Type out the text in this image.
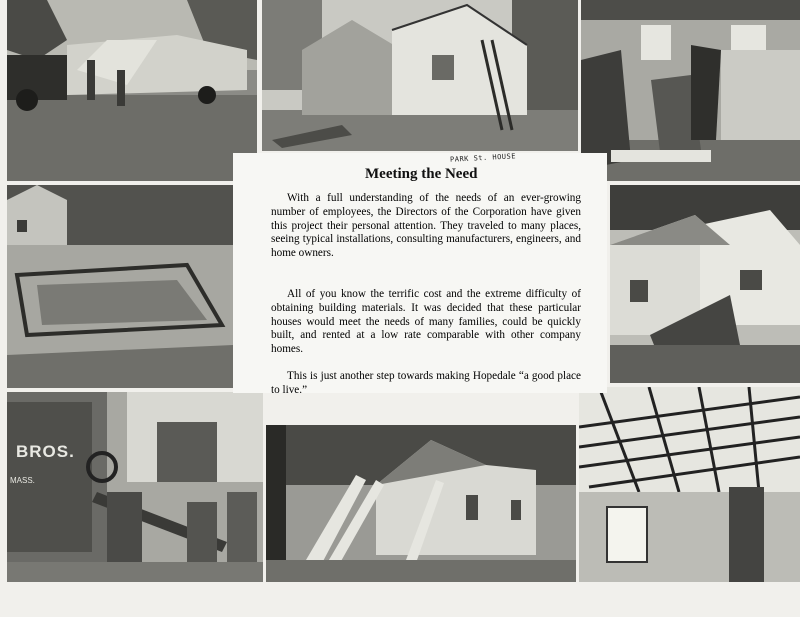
BROS.
MASS.
PARK St. HOUSE
Meeting the Need

With a full understanding of the needs of an ever-growing number of employees, the Directors of the Corporation have given this project their personal attention. They traveled to many places, seeing typical installations, consulting manufacturers, engineers, and home owners.

All of you know the terrific cost and the extreme difficulty of obtaining building materials. It was decided that these particular houses would meet the needs of many families, could be quickly built, and rented at a low rate comparable with other company homes.

This is just another step towards making Hopedale “a good place to live.”
